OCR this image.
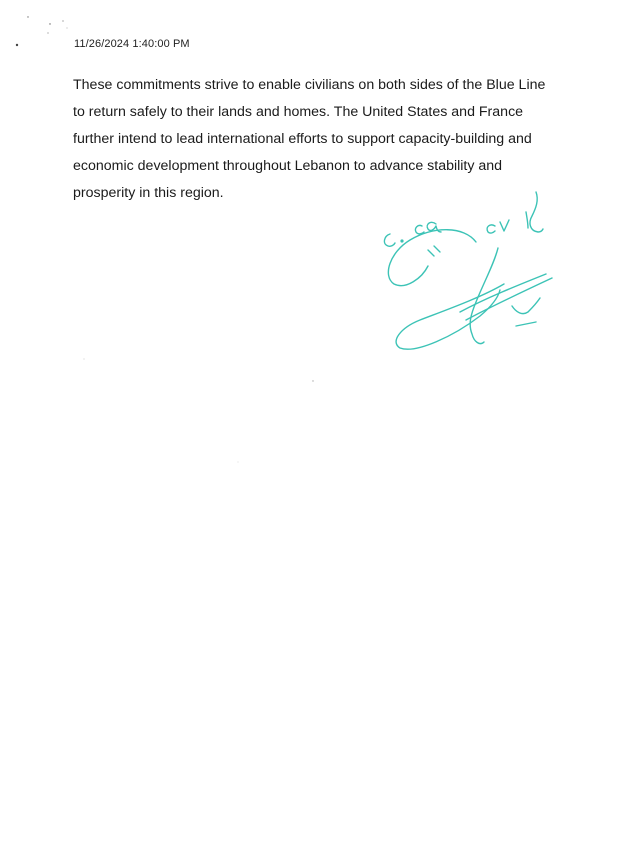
11/26/2024 1:40:00 PM

These commitments strive to enable civilians on both sides of the Blue Line
to return safely to their lands and homes. The United States and France
further intend to lead international efforts to support capacity-building and
economic development throughout Lebanon to advance stability and
prosperity in this region.
